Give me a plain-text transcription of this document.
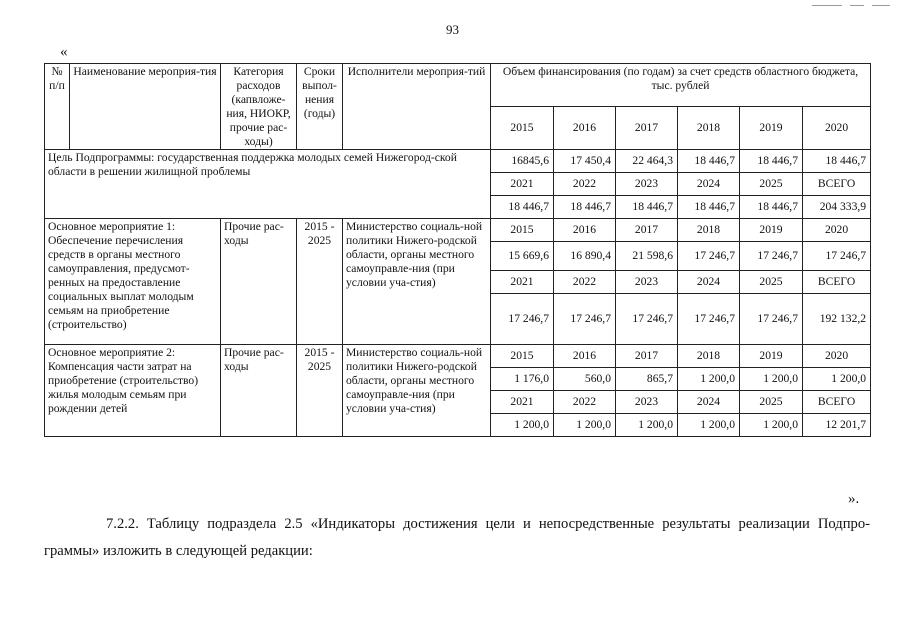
93
«
№ п/п	Наименование мероприя-тия	Категория расходов (капвложе-ния, НИОКР, прочие рас-ходы)	Сроки выпол-нения (годы)	Исполнители мероприя-тий	Объем финансирования (по годам) за счет средств областного бюджета, тыс. рублей					
					2015	2016	2017	2018	2019	2020
Цель Подпрограммы: государственная поддержка молодых семей Нижегород-ской области в решении жилищной проблемы					16845,6	17 450,4	22 464,3	18 446,7	18 446,7	18 446,7
					2021	2022	2023	2024	2025	ВСЕГО
					18 446,7	18 446,7	18 446,7	18 446,7	18 446,7	204 333,9
Основное мероприятие 1: Обеспечение перечисления средств в органы местного самоуправления, предусмот-ренных на предоставление социальных выплат молодым семьям на приобретение (строительство)		Прочие рас-ходы	2015 - 2025	Министерство социаль-ной политики Нижего-родской области, органы местного самоуправле-ния (при условии уча-стия)	2015	2016	2017	2018	2019	2020
					15 669,6	16 890,4	21 598,6	17 246,7	17 246,7	17 246,7
					2021	2022	2023	2024	2025	ВСЕГО
					17 246,7	17 246,7	17 246,7	17 246,7	17 246,7	192 132,2
Основное мероприятие 2: Компенсация части затрат на приобретение (строительство) жилья молодым семьям при рождении детей		Прочие рас-ходы	2015 - 2025	Министерство социаль-ной политики Нижего-родской области, органы местного самоуправле-ния (при условии уча-стия)	2015	2016	2017	2018	2019	2020
					1 176,0	560,0	865,7	1 200,0	1 200,0	1 200,0
					2021	2022	2023	2024	2025	ВСЕГО
					1 200,0	1 200,0	1 200,0	1 200,0	1 200,0	12 201,7
».
7.2.2. Таблицу подраздела 2.5 «Индикаторы достижения цели и непосредственные результаты реализации Подпро-граммы» изложить в следующей редакции:
